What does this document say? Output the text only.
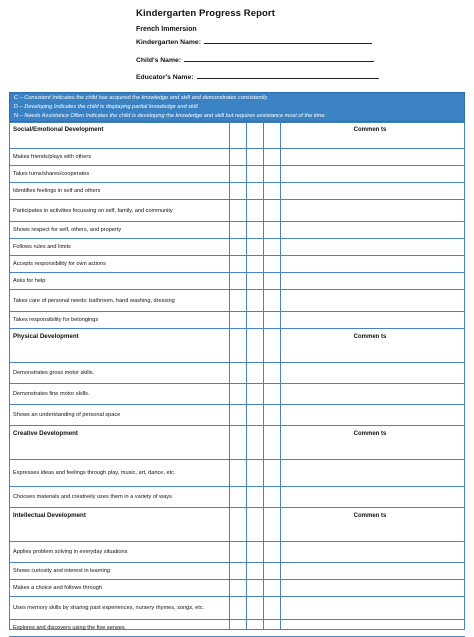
Kindergarten Progress Report
French Immersion
Kindergarten Name:
Child's Name:
Educator's Name:
C – Consistent Indicates the child has acquired the knowledge and skill and demonstrates consistently.
D – Developing Indicates the child is displaying partial knowledge and skill.
N – Needs Assistance Often Indicates the child is developing the knowledge and skill but requires assistance most of the time.
Social/Emotional Development	Commen ts
Makes friends/plays with others
Takes turns/shares/cooperates
Identifies feelings in self and others
Participates in activities focussing on self, family, and community
Shows respect for self, others, and property
Follows rules and limits
Accepts responsibility for own actions
Asks for help
Takes care of personal needs: bathroom, hand washing, dressing
Takes responsibility for belongings
Physical Development	Commen ts
Demonstrates gross motor skills.
Demonstrates fine motor skills.
Shows an understanding of personal space
Creative Development	Commen ts
Expresses ideas and feelings through play, music, art, dance, etc.
Chooses materials and creatively uses them in a variety of ways
Intellectual Development	Commen ts
Applies problem solving in everyday situations
Shows curiosity and interest in learning
Makes a choice and follows through
Uses memory skills by sharing past experiences, nursery rhymes, songs, etc.
Explores and discovers using the five senses
